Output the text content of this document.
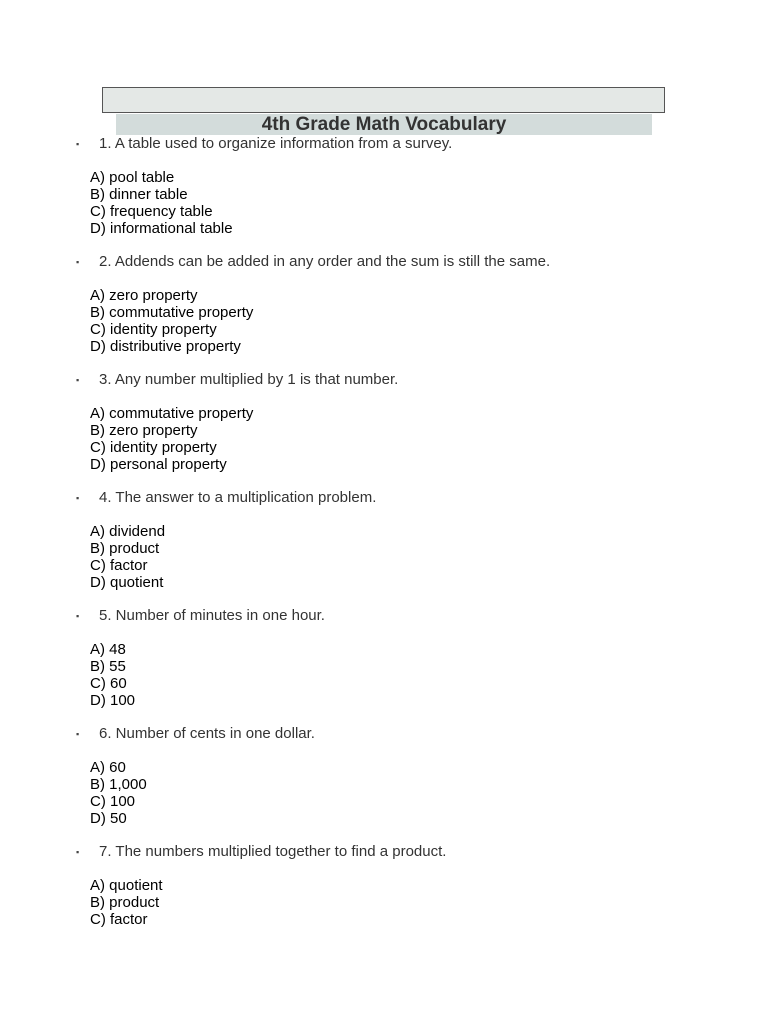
4th Grade Math Vocabulary
▪ 1. A table used to organize information from a survey.
A) pool table
B) dinner table
C) frequency table
D) informational table
▪ 2. Addends can be added in any order and the sum is still the same.
A) zero property
B) commutative property
C) identity property
D) distributive property
▪ 3. Any number multiplied by 1 is that number.
A) commutative property
B) zero property
C) identity property
D) personal property
▪ 4. The answer to a multiplication problem.
A) dividend
B) product
C) factor
D) quotient
▪ 5. Number of minutes in one hour.
A) 48
B) 55
C) 60
D) 100
▪ 6. Number of cents in one dollar.
A) 60
B) 1,000
C) 100
D) 50
▪ 7. The numbers multiplied together to find a product.
A) quotient
B) product
C) factor
